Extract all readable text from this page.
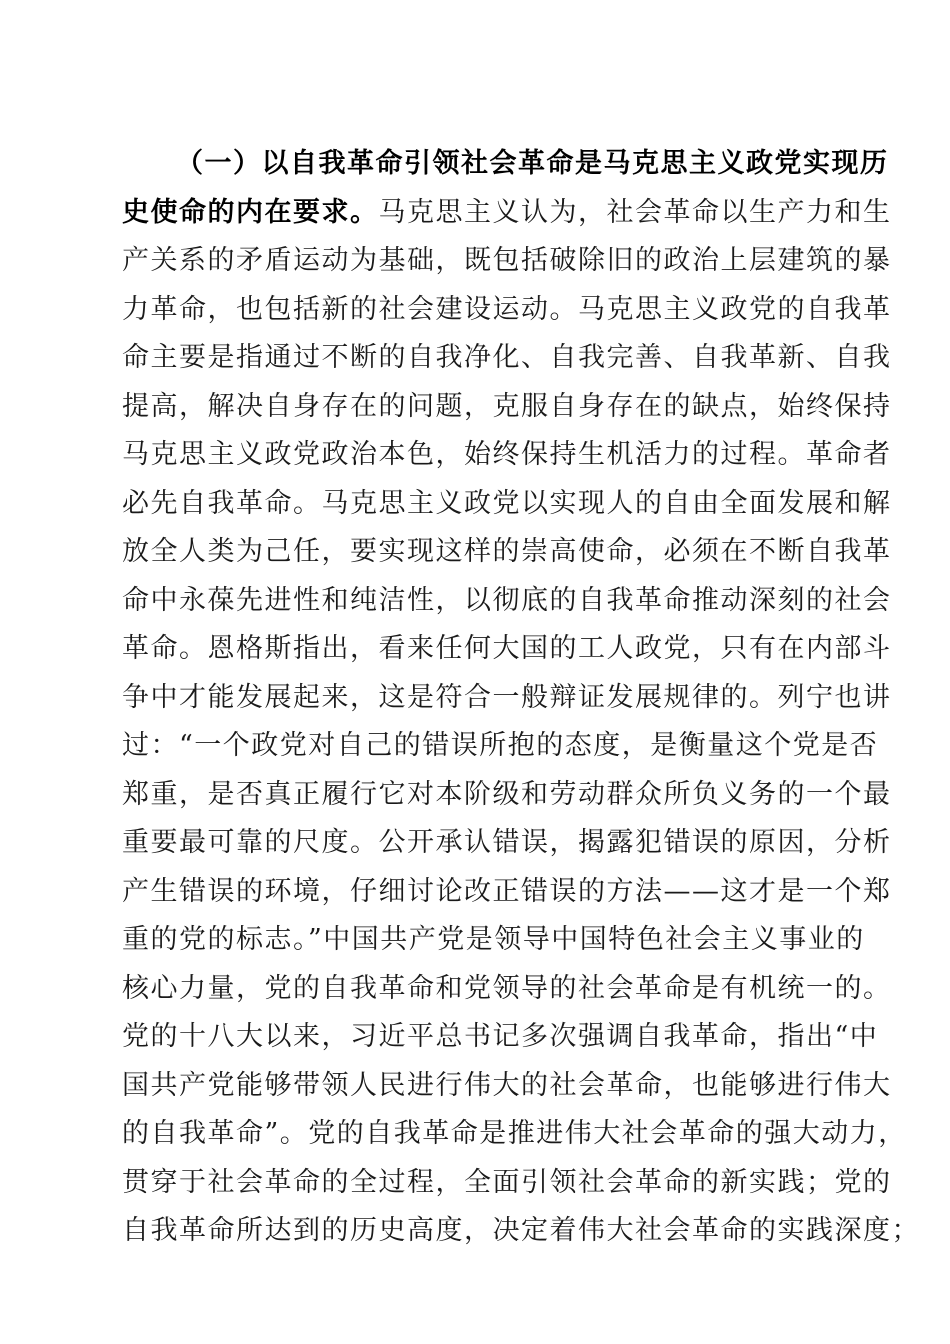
（一）以自我革命引领社会革命是马克思主义政党实现历
史使命的内在要求。马克思主义认为，社会革命以生产力和生
产关系的矛盾运动为基础，既包括破除旧的政治上层建筑的暴
力革命，也包括新的社会建设运动。马克思主义政党的自我革
命主要是指通过不断的自我净化、自我完善、自我革新、自我
提高，解决自身存在的问题，克服自身存在的缺点，始终保持
马克思主义政党政治本色，始终保持生机活力的过程。革命者
必先自我革命。马克思主义政党以实现人的自由全面发展和解
放全人类为己任，要实现这样的崇高使命，必须在不断自我革
命中永葆先进性和纯洁性，以彻底的自我革命推动深刻的社会
革命。恩格斯指出，看来任何大国的工人政党，只有在内部斗
争中才能发展起来，这是符合一般辩证发展规律的。列宁也讲
过：“一个政党对自己的错误所抱的态度，是衡量这个党是否
郑重，是否真正履行它对本阶级和劳动群众所负义务的一个最
重要最可靠的尺度。公开承认错误，揭露犯错误的原因，分析
产生错误的环境，仔细讨论改正错误的方法——这才是一个郑
重的党的标志。”中国共产党是领导中国特色社会主义事业的
核心力量，党的自我革命和党领导的社会革命是有机统一的。
党的十八大以来，习近平总书记多次强调自我革命，指出“中
国共产党能够带领人民进行伟大的社会革命，也能够进行伟大
的自我革命”。党的自我革命是推进伟大社会革命的强大动力，
贯穿于社会革命的全过程，全面引领社会革命的新实践；党的
自我革命所达到的历史高度，决定着伟大社会革命的实践深度；
